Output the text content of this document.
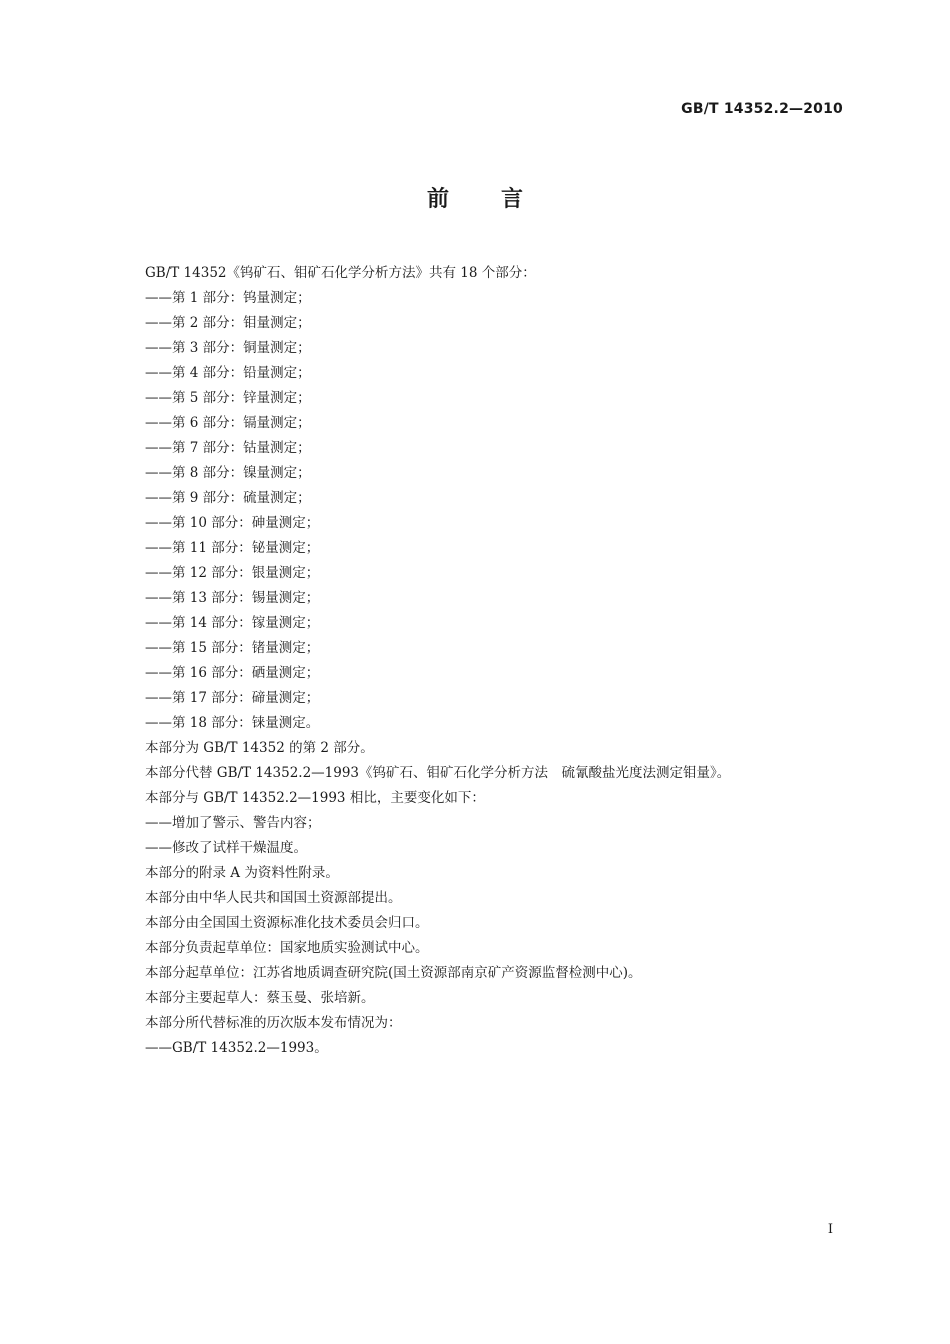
GB/T 14352.2—2010
前言
GB/T 14352《钨矿石、钼矿石化学分析方法》共有 18 个部分：
——第 1 部分：钨量测定；
——第 2 部分：钼量测定；
——第 3 部分：铜量测定；
——第 4 部分：铅量测定；
——第 5 部分：锌量测定；
——第 6 部分：镉量测定；
——第 7 部分：钴量测定；
——第 8 部分：镍量测定；
——第 9 部分：硫量测定；
——第 10 部分：砷量测定；
——第 11 部分：铋量测定；
——第 12 部分：银量测定；
——第 13 部分：锡量测定；
——第 14 部分：镓量测定；
——第 15 部分：锗量测定；
——第 16 部分：硒量测定；
——第 17 部分：碲量测定；
——第 18 部分：铼量测定。
本部分为 GB/T 14352 的第 2 部分。
本部分代替 GB/T 14352.2—1993《钨矿石、钼矿石化学分析方法　硫氰酸盐光度法测定钼量》。
本部分与 GB/T 14352.2—1993 相比，主要变化如下：
——增加了警示、警告内容；
——修改了试样干燥温度。
本部分的附录 A 为资料性附录。
本部分由中华人民共和国国土资源部提出。
本部分由全国国土资源标准化技术委员会归口。
本部分负责起草单位：国家地质实验测试中心。
本部分起草单位：江苏省地质调查研究院(国土资源部南京矿产资源监督检测中心)。
本部分主要起草人：蔡玉曼、张培新。
本部分所代替标准的历次版本发布情况为：
——GB/T 14352.2—1993。
I
